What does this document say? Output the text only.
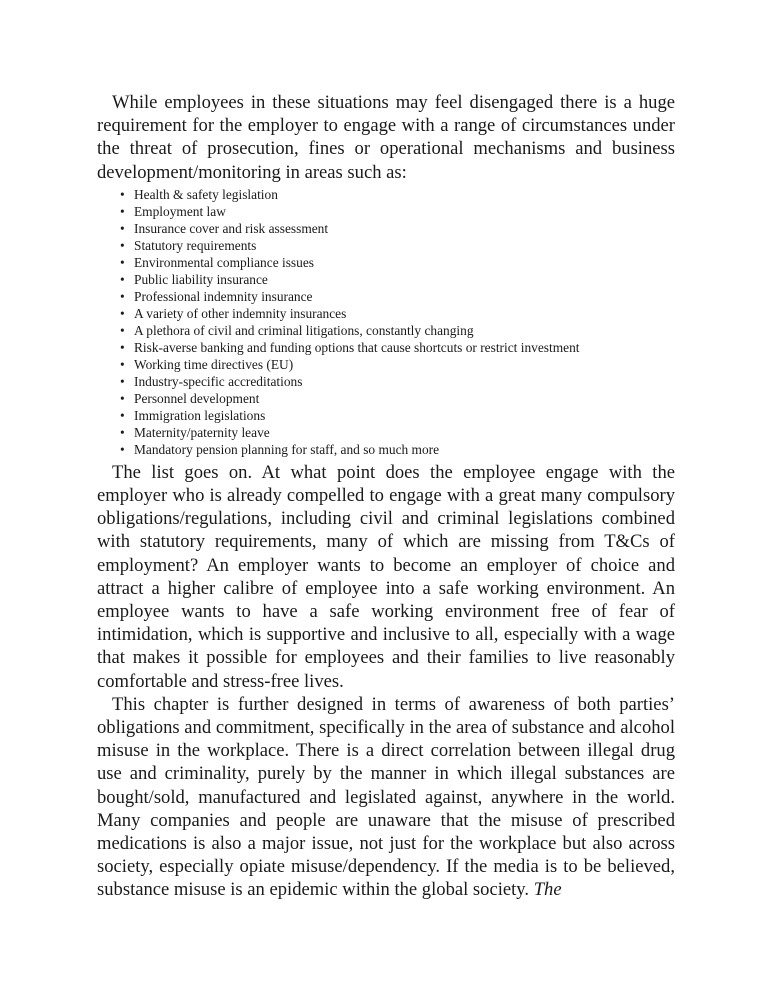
While employees in these situations may feel disengaged there is a huge requirement for the employer to engage with a range of circumstances under the threat of prosecution, fines or operational mechanisms and business development/monitoring in areas such as:

• Health & safety legislation
• Employment law
• Insurance cover and risk assessment
• Statutory requirements
• Environmental compliance issues
• Public liability insurance
• Professional indemnity insurance
• A variety of other indemnity insurances
• A plethora of civil and criminal litigations, constantly changing
• Risk-averse banking and funding options that cause shortcuts or restrict investment
• Working time directives (EU)
• Industry-specific accreditations
• Personnel development
• Immigration legislations
• Maternity/paternity leave
• Mandatory pension planning for staff, and so much more

The list goes on. At what point does the employee engage with the employer who is already compelled to engage with a great many compulsory obligations/regulations, including civil and criminal legislations combined with statutory requirements, many of which are missing from T&Cs of employment? An employer wants to become an employer of choice and attract a higher calibre of employee into a safe working environment. An employee wants to have a safe working environment free of fear of intimidation, which is supportive and inclusive to all, especially with a wage that makes it possible for employees and their families to live reasonably comfortable and stress-free lives.

This chapter is further designed in terms of awareness of both parties’ obligations and commitment, specifically in the area of substance and alcohol misuse in the workplace. There is a direct correlation between illegal drug use and criminality, purely by the manner in which illegal substances are bought/sold, manufactured and legislated against, anywhere in the world. Many companies and people are unaware that the misuse of prescribed medications is also a major issue, not just for the workplace but also across society, especially opiate misuse/dependency. If the media is to be believed, substance misuse is an epidemic within the global society. The
